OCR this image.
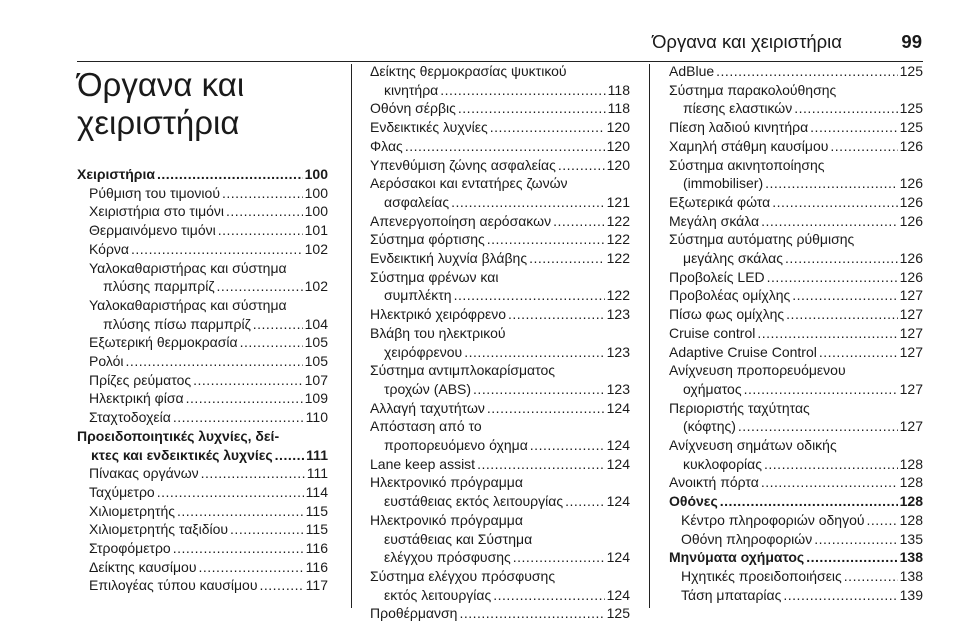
Όργανα και χειριστήρια	99
Όργανα και χειριστήρια
Χειριστήρια .....	100
Ρύθμιση του τιμονιού .....	100
Χειριστήρια στο τιμόνι .....	100
Θερμαινόμενο τιμόνι .....	101
Κόρνα .....	102
Υαλοκαθαριστήρας και σύστημα
πλύσης παρμπρίζ .....	102
Υαλοκαθαριστήρας και σύστημα
πλύσης πίσω παρμπρίζ .....	104
Εξωτερική θερμοκρασία .....	105
Ρολόι .....	105
Πρίζες ρεύματος .....	107
Ηλεκτρική φίσα .....	109
Σταχτοδοχεία .....	110
Προειδοποιητικές λυχνίες, δεί-
κτες και ενδεικτικές λυχνίες ..... 111
Πίνακας οργάνων .....	111
Ταχύμετρο .....	114
Χιλιομετρητής .....	115
Χιλιομετρητής ταξιδίου .....	115
Στροφόμετρο .....	116
Δείκτης καυσίμου .....	116
Επιλογέας τύπου καυσίμου .....	117
Δείκτης θερμοκρασίας ψυκτικού
κινητήρα .....	118
Οθόνη σέρβις .....	118
Ενδεικτικές λυχνίες .....	120
Φλας .....	120
Υπενθύμιση ζώνης ασφαλείας .....	120
Αερόσακοι και εντατήρες ζωνών
ασφαλείας .....	121
Απενεργοποίηση αερόσακων .....	122
Σύστημα φόρτισης .....	122
Ενδεικτική λυχνία βλάβης .....	122
Σύστημα φρένων και
συμπλέκτη .....	122
Ηλεκτρικό χειρόφρενο .....	123
Βλάβη του ηλεκτρικού
χειρόφρενου .....	123
Σύστημα αντιμπλοκαρίσματος
τροχών (ABS) .....	123
Αλλαγή ταχυτήτων .....	124
Απόσταση από το
προπορευόμενο όχημα .....	124
Lane keep assist .....	124
Ηλεκτρονικό πρόγραμμα
ευστάθειας εκτός λειτουργίας .....	124
Ηλεκτρονικό πρόγραμμα
ευστάθειας και Σύστημα
ελέγχου πρόσφυσης .....	124
Σύστημα ελέγχου πρόσφυσης
εκτός λειτουργίας .....	124
Προθέρμανση .....	125
AdBlue .....	125
Σύστημα παρακολούθησης
πίεσης ελαστικών .....	125
Πίεση λαδιού κινητήρα .....	125
Χαμηλή στάθμη καυσίμου .....	126
Σύστημα ακινητοποίησης
(immobiliser) .....	126
Εξωτερικά φώτα .....	126
Μεγάλη σκάλα .....	126
Σύστημα αυτόματης ρύθμισης
μεγάλης σκάλας .....	126
Προβολείς LED .....	126
Προβολέας ομίχλης .....	127
Πίσω φως ομίχλης .....	127
Cruise control .....	127
Adaptive Cruise Control .....	127
Ανίχνευση προπορευόμενου
οχήματος .....	127
Περιοριστής ταχύτητας
(κόφτης) .....	127
Ανίχνευση σημάτων οδικής
κυκλοφορίας .....	128
Ανοικτή πόρτα .....	128
Οθόνες .....	128
Κέντρο πληροφοριών οδηγού .....	128
Οθόνη πληροφοριών .....	135
Μηνύματα οχήματος .....	138
Ηχητικές προειδοποιήσεις .....	138
Τάση μπαταρίας .....	139
